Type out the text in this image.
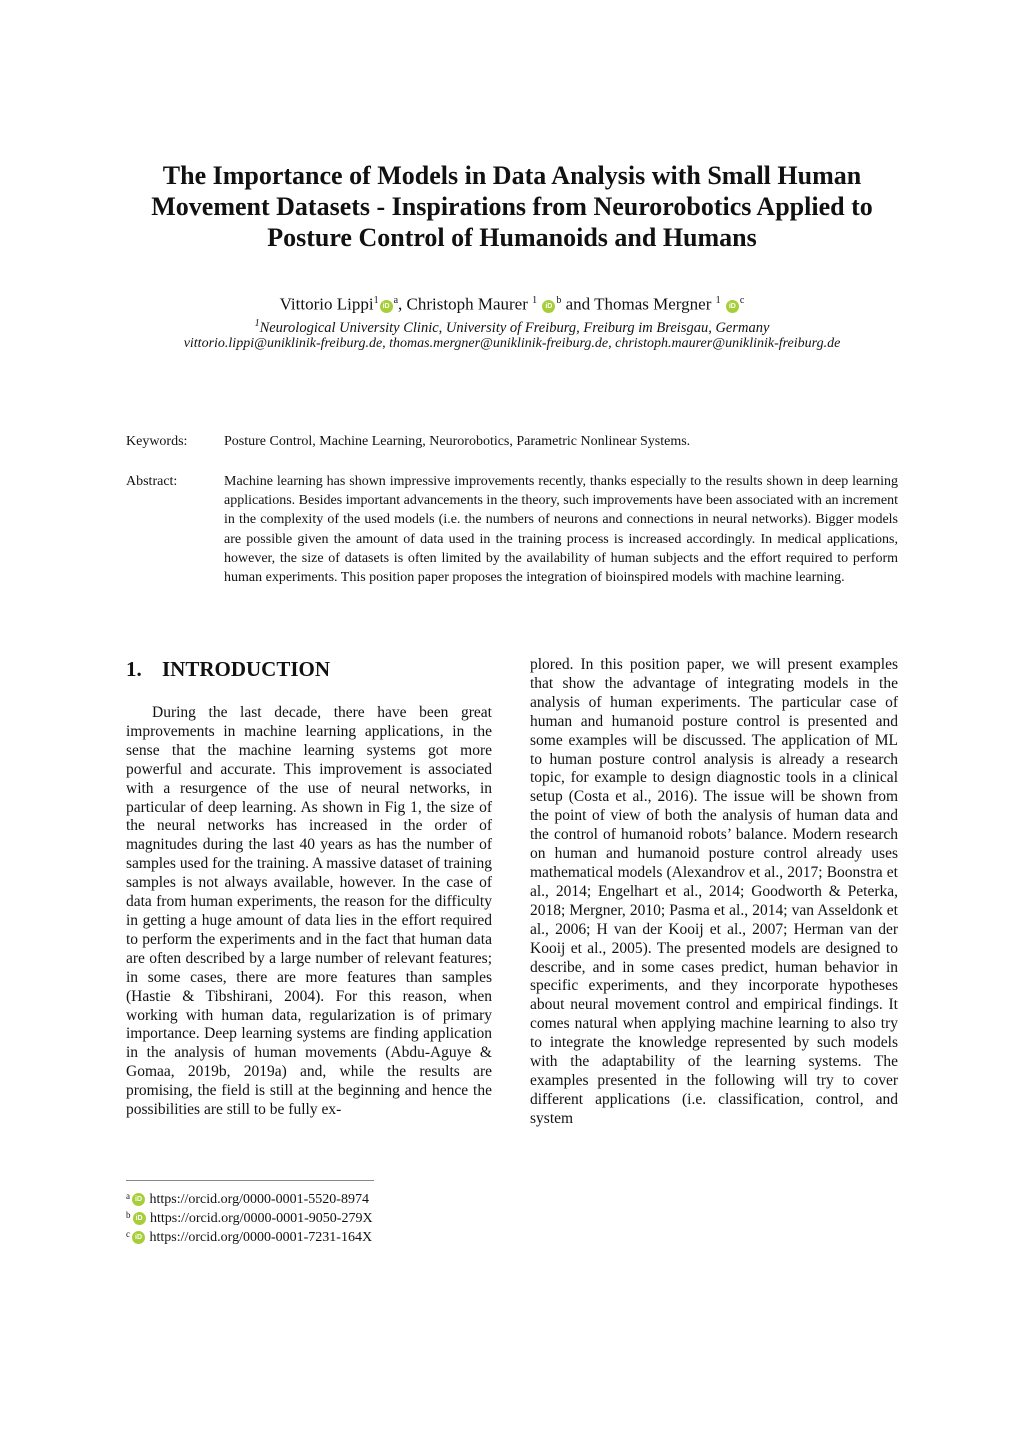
The Importance of Models in Data Analysis with Small Human
Movement Datasets - Inspirations from Neurorobotics Applied to
Posture Control of Humanoids and Humans
Vittorio $Lippi^1iD^a$, Christoph Maurer $^1$ $iD^b$ and Thomas Mergner $^1$ $iD^c$
$^1$Neurological University Clinic, University of Freiburg, Freiburg im Breisgau, Germany
vittorio.lippi@uniklinik-freiburg.de, thomas.mergner@uniklinik-freiburg.de, christoph.maurer@uniklinik-freiburg.de
Keywords:	Posture Control, Machine Learning, Neurorobotics, Parametric Nonlinear Systems.
Abstract:	Machine learning has shown impressive improvements recently, thanks especially to the results shown in deep learning applications. Besides important advancements in the theory, such improvements have been associated with an increment in the complexity of the used models (i.e. the numbers of neurons and connections in neural networks). Bigger models are possible given the amount of data used in the training process is increased accordingly. In medical applications, however, the size of datasets is often limited by the availability of human subjects and the effort required to perform human experiments. This position paper proposes the integration of bioinspired models with machine learning.
1. INTRODUCTION
During the last decade, there have been great improvements in machine learning applications, in the sense that the machine learning systems got more powerful and accurate. This improvement is associated with a resurgence of the use of neural networks, in particular of deep learning. As shown in Fig 1, the size of the neural networks has increased in the order of magnitudes during the last 40 years as has the number of samples used for the training. A massive dataset of training samples is not always available, however. In the case of data from human experiments, the reason for the difficulty in getting a huge amount of data lies in the effort required to perform the experiments and in the fact that human data are often described by a large number of relevant features; in some cases, there are more features than samples (Hastie & Tibshirani, 2004). For this reason, when working with human data, regularization is of primary importance. Deep learning systems are finding application in the analysis of human movements (Abdu-Aguye & Gomaa, 2019b, 2019a) and, while the results are promising, the field is still at the beginning and hence the possibilities are still to be fully ex-
plored. In this position paper, we will present examples that show the advantage of integrating models in the analysis of human experiments. The particular case of human and humanoid posture control is presented and some examples will be discussed. The application of ML to human posture control analysis is already a research topic, for example to design diagnostic tools in a clinical setup (Costa et al., 2016). The issue will be shown from the point of view of both the analysis of human data and the control of humanoid robots’ balance. Modern research on human and humanoid posture control already uses mathematical models (Alexandrov et al., 2017; Boonstra et al., 2014; Engelhart et al., 2014; Goodworth & Peterka, 2018; Mergner, 2010; Pasma et al., 2014; van Asseldonk et al., 2006; H van der Kooij et al., 2007; Herman van der Kooij et al., 2005). The presented models are designed to describe, and in some cases predict, human behavior in specific experiments, and they incorporate hypotheses about neural movement control and empirical findings. It comes natural when applying machine learning to also try to integrate the knowledge represented by such models with the adaptability of the learning systems. The examples presented in the following will try to cover different applications (i.e. classification, control, and system
$^a$ iD https://orcid.org/0000-0001-5520-8974
$^b$ iD https://orcid.org/0000-0001-9050-279X
$^c$ iD https://orcid.org/0000-0001-7231-164X
